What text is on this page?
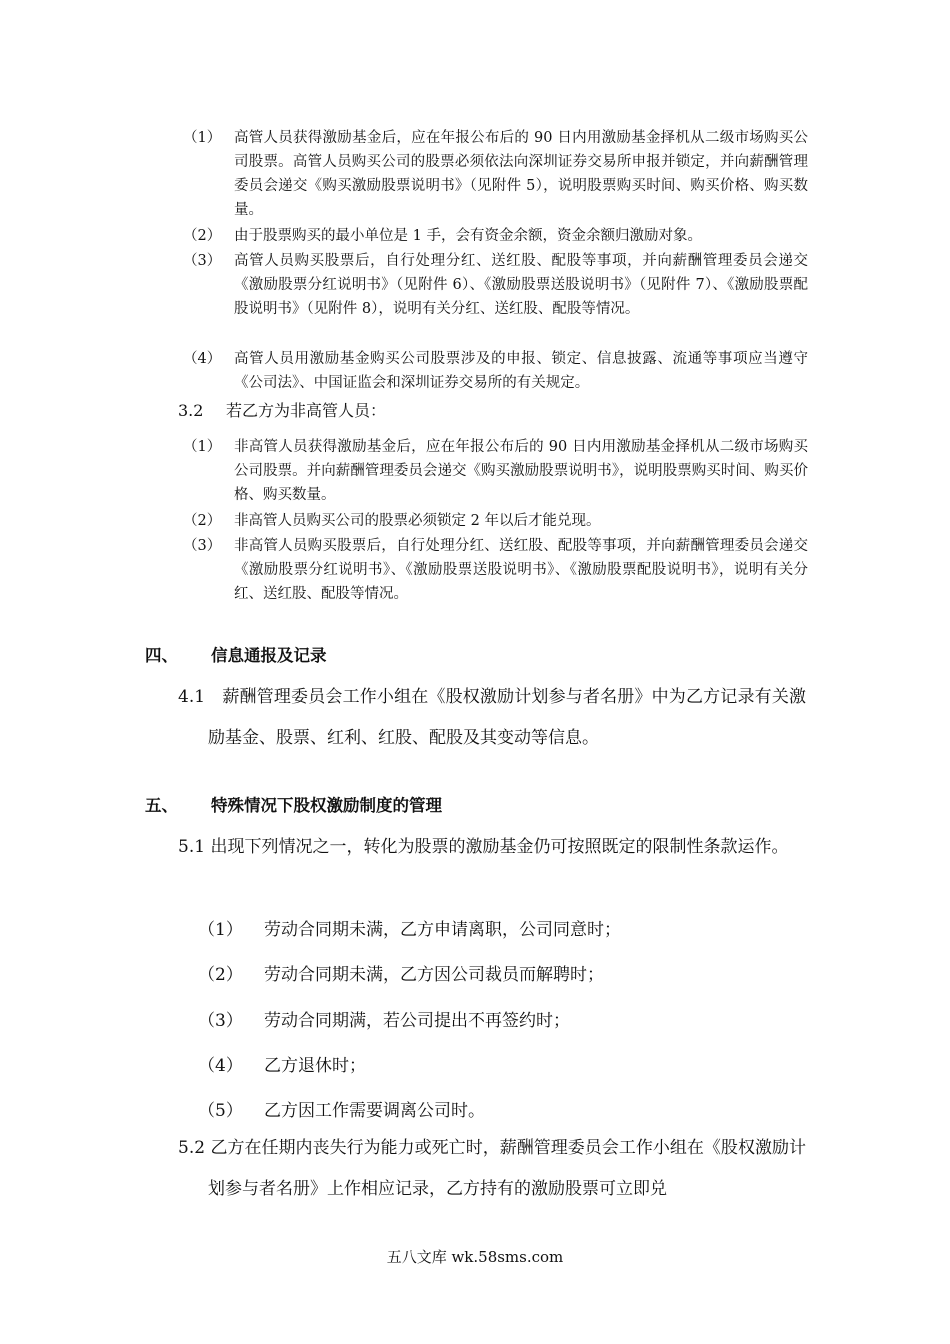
（1） 高管人员获得激励基金后，应在年报公布后的 90 日内用激励基金择机从二级市场购买公司股票。高管人员购买公司的股票必须依法向深圳证券交易所申报并锁定，并向薪酬管理委员会递交《购买激励股票说明书》（见附件 5），说明股票购买时间、购买价格、购买数量。
（2） 由于股票购买的最小单位是 1 手，会有资金余额，资金余额归激励对象。
（3） 高管人员购买股票后，自行处理分红、送红股、配股等事项，并向薪酬管理委员会递交《激励股票分红说明书》（见附件 6）、《激励股票送股说明书》（见附件 7）、《激励股票配股说明书》（见附件 8），说明有关分红、送红股、配股等情况。
（4） 高管人员用激励基金购买公司股票涉及的申报、锁定、信息披露、流通等事项应当遵守《公司法》、中国证监会和深圳证券交易所的有关规定。
3.2 若乙方为非高管人员：
（1） 非高管人员获得激励基金后，应在年报公布后的 90 日内用激励基金择机从二级市场购买公司股票。并向薪酬管理委员会递交《购买激励股票说明书》，说明股票购买时间、购买价格、购买数量。
（2） 非高管人员购买公司的股票必须锁定 2 年以后才能兑现。
（3） 非高管人员购买股票后，自行处理分红、送红股、配股等事项，并向薪酬管理委员会递交《激励股票分红说明书》、《激励股票送股说明书》、《激励股票配股说明书》，说明有关分红、送红股、配股等情况。
四、 信息通报及记录
4.1　薪酬管理委员会工作小组在《股权激励计划参与者名册》中为乙方记录有关激励基金、股票、红利、红股、配股及其变动等信息。
五、 特殊情况下股权激励制度的管理
5.1 出现下列情况之一，转化为股票的激励基金仍可按照既定的限制性条款运作。
（1） 劳动合同期未满，乙方申请离职，公司同意时；
（2） 劳动合同期未满，乙方因公司裁员而解聘时；
（3） 劳动合同期满，若公司提出不再签约时；
（4） 乙方退休时；
（5） 乙方因工作需要调离公司时。
5.2 乙方在任期内丧失行为能力或死亡时，薪酬管理委员会工作小组在《股权激励计划参与者名册》上作相应记录，乙方持有的激励股票可立即兑
五八文库 wk.58sms.com
